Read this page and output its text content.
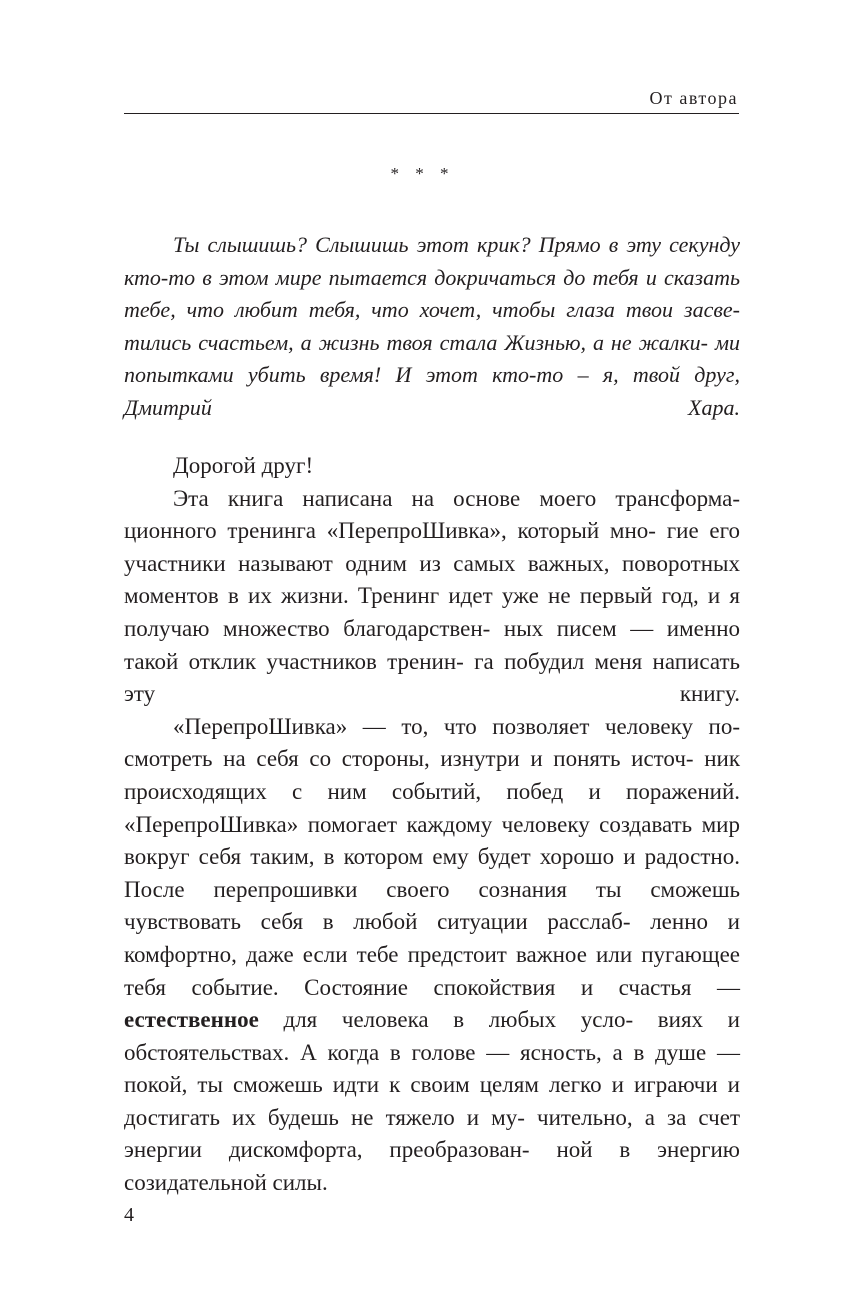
От автора
* * *

Ты слышишь? Слышишь этот крик? Прямо в эту секунду кто-то в этом мире пытается докричаться до тебя и сказать тебе, что любит тебя, что хочет, чтобы глаза твои засве- тились счастьем, а жизнь твоя стала Жизнью, а не жалки- ми попытками убить время! И этот кто-то – я, твой друг, Дмитрий Хара.

Дорогой друг!

Эта книга написана на основе моего трансформа- ционного тренинга «ПерепроШивка», который мно- гие его участники называют одним из самых важных, поворотных моментов в их жизни. Тренинг идет уже не первый год, и я получаю множество благодарствен- ных писем — именно такой отклик участников тренин- га побудил меня написать эту книгу.

«ПерепроШивка» — то, что позволяет человеку по- смотреть на себя со стороны, изнутри и понять источ- ник происходящих с ним событий, побед и поражений. «ПерепроШивка» помогает каждому человеку создавать мир вокруг себя таким, в котором ему будет хорошо и радостно. После перепрошивки своего сознания ты сможешь чувствовать себя в любой ситуации расслаб- ленно и комфортно, даже если тебе предстоит важное или пугающее тебя событие. Состояние спокойствия и счастья — естественное для человека в любых усло- виях и обстоятельствах. А когда в голове — ясность, а в душе — покой, ты сможешь идти к своим целям легко и играючи и достигать их будешь не тяжело и му- чительно, а за счет энергии дискомфорта, преобразован- ной в энергию созидательной силы.

4
